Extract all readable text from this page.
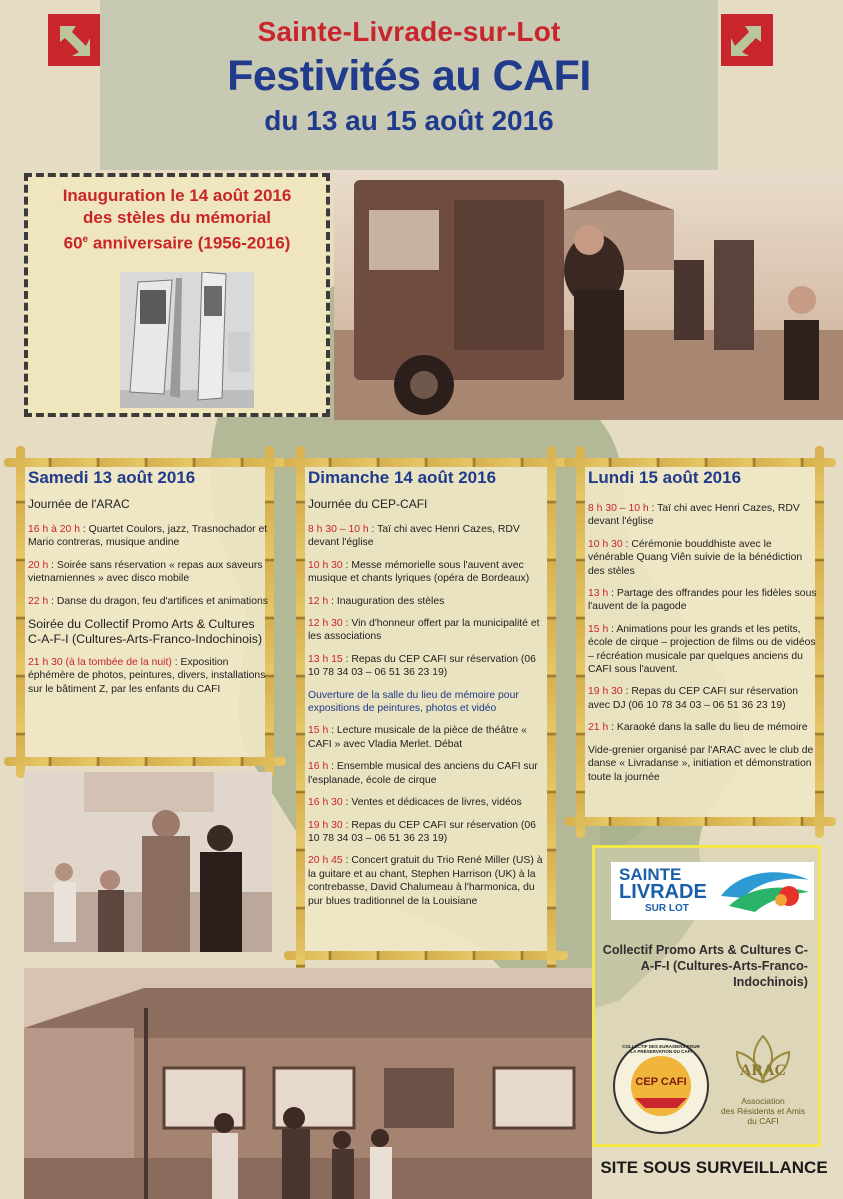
Sainte-Livrade-sur-Lot
Festivités au CAFI
du 13 au 15 août 2016
Inauguration le 14 août 2016
des stèles du mémorial
60e anniversaire (1956-2016)
Samedi 13 août 2016
Journée de l'ARAC
16 h à 20 h : Quartet Coulors, jazz, Trasnochador et Mario contreras, musique andine
20 h : Soirée sans réservation « repas aux saveurs vietnamiennes » avec disco mobile
22 h : Danse du dragon, feu d'artifices et animations
Soirée du Collectif Promo Arts & Cultures C-A-F-I (Cultures-Arts-Franco-Indochinois)
21 h 30 (à la tombée de la nuit) : Exposition éphémère de photos, peintures, divers, installations sur le bâtiment Z, par les enfants du CAFI
Dimanche 14 août 2016
Journée du CEP-CAFI
8 h 30 – 10 h : Taï chi avec Henri Cazes, RDV devant l'église
10 h 30 : Messe mémorielle sous l'auvent avec musique et chants lyriques (opéra de Bordeaux)
12 h : Inauguration des stèles
12 h 30 : Vin d'honneur offert par la municipalité et les associations
13 h 15 : Repas du CEP CAFI sur réservation (06 10 78 34 03 – 06 51 36 23 19)
Ouverture de la salle du lieu de mémoire pour expositions de peintures, photos et vidéo
15 h : Lecture musicale de la pièce de théâtre « CAFI » avec Vladia Merlet. Débat
16 h : Ensemble musical des anciens du CAFI sur l'esplanade, école de cirque
16 h 30 : Ventes et dédicaces de livres, vidéos
19 h 30 : Repas du CEP CAFI sur réservation (06 10 78 34 03 – 06 51 36 23 19)
20 h 45 : Concert gratuit du Trio René Miller (US) à la guitare et au chant, Stephen Harrison (UK) à la contrebasse, David Chalumeau à l'harmonica, du pur blues traditionnel de la Louisiane
Lundi 15 août 2016
8 h 30 – 10 h : Taï chi avec Henri Cazes, RDV devant l'église
10 h 30 : Cérémonie bouddhiste avec le vénérable Quang Viên suivie de la bénédiction des stèles
13 h : Partage des offrandes pour les fidèles sous l'auvent de la pagode
15 h : Animations pour les grands et les petits, école de cirque – projection de films ou de vidéos – récréation musicale par quelques anciens du CAFI sous l'auvent.
19 h 30 : Repas du CEP CAFI sur réservation avec DJ (06 10 78 34 03 – 06 51 36 23 19)
21 h : Karaoké dans la salle du lieu de mémoire
Vide-grenier organisé par l'ARAC avec le club de danse « Livradanse », initiation et démonstration toute la journée
SAINTE
LIVRADE
SUR LOT
Collectif Promo Arts & Cultures C-A-F-I (Cultures-Arts-Franco-Indochinois)
COLLECTIF DES EURASIENS POUR LA PRÉSERVATION DU CAFI
CEP CAFI
ARAC
Association
des Résidents et Amis
du CAFI
SITE SOUS SURVEILLANCE
